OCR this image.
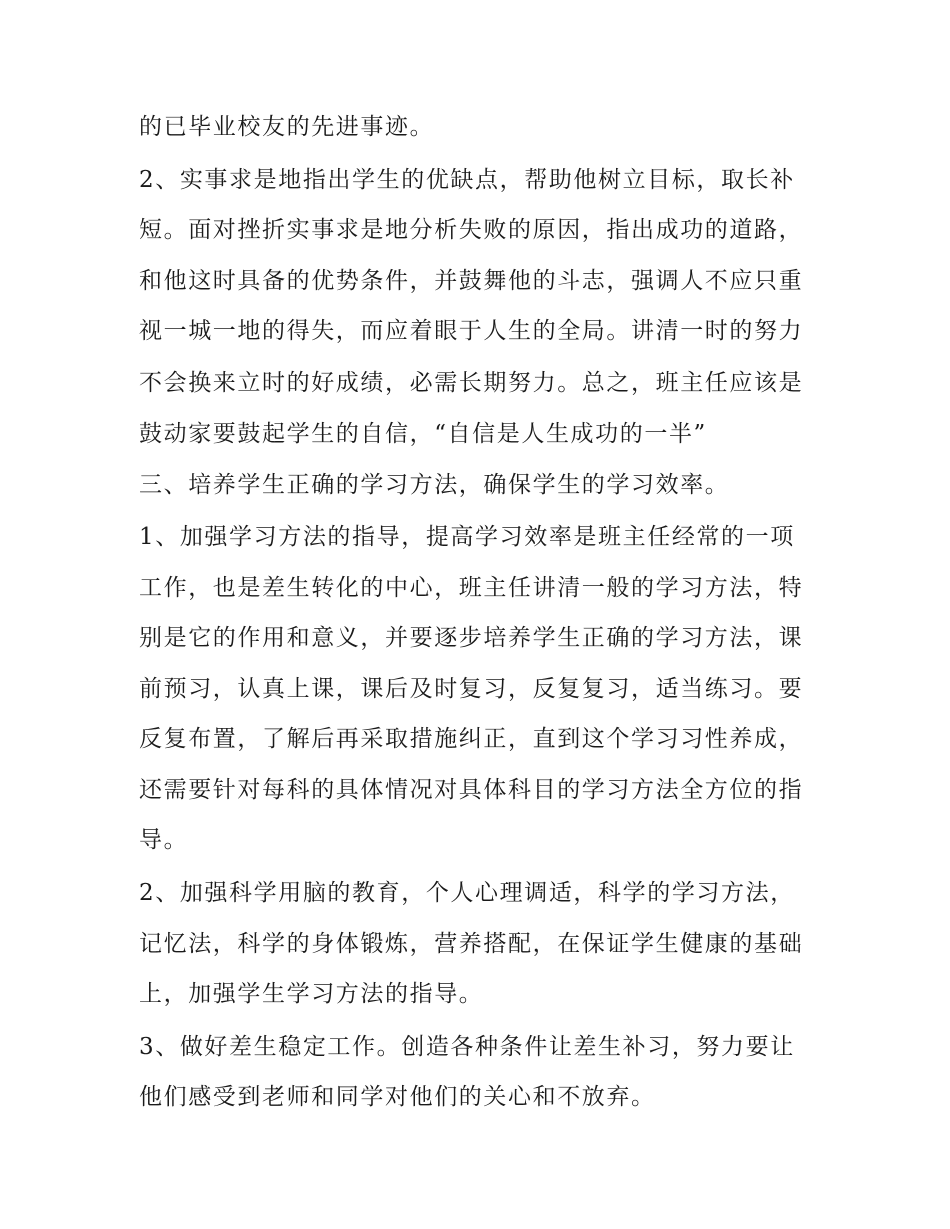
的已毕业校友的先进事迹。
2、实事求是地指出学生的优缺点，帮助他树立目标，取长补
短。面对挫折实事求是地分析失败的原因，指出成功的道路，
和他这时具备的优势条件，并鼓舞他的斗志，强调人不应只重
视一城一地的得失，而应着眼于人生的全局。讲清一时的努力
不会换来立时的好成绩，必需长期努力。总之，班主任应该是
鼓动家要鼓起学生的自信，“自信是人生成功的一半”
三、培养学生正确的学习方法，确保学生的学习效率。
1、加强学习方法的指导，提高学习效率是班主任经常的一项
工作，也是差生转化的中心，班主任讲清一般的学习方法，特
别是它的作用和意义，并要逐步培养学生正确的学习方法，课
前预习，认真上课，课后及时复习，反复复习，适当练习。要
反复布置，了解后再采取措施纠正，直到这个学习习性养成，
还需要针对每科的具体情况对具体科目的学习方法全方位的指
导。
2、加强科学用脑的教育，个人心理调适，科学的学习方法，
记忆法，科学的身体锻炼，营养搭配，在保证学生健康的基础
上，加强学生学习方法的指导。
3、做好差生稳定工作。创造各种条件让差生补习，努力要让
他们感受到老师和同学对他们的关心和不放弃。
